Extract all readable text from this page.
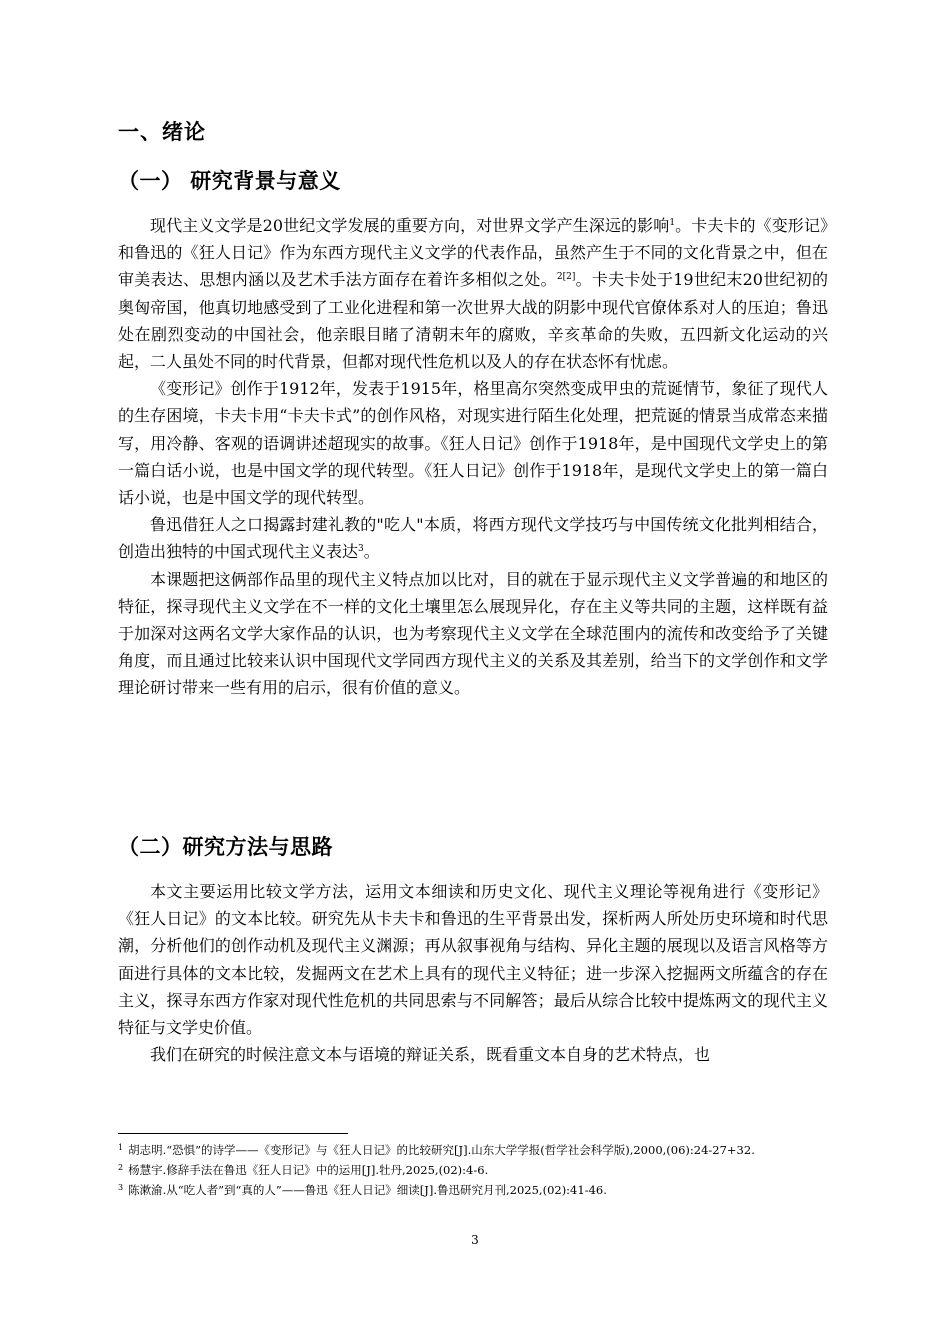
一、绪论
（一） 研究背景与意义

现代主义文学是20世纪文学发展的重要方向，对世界文学产生深远的影响$^1$。卡夫卡的《变形记》和鲁迅的《狂人日记》作为东西方现代主义文学的代表作品，虽然产生于不同的文化背景之中，但在审美表达、思想内涵以及艺术手法方面存在着许多相似之处。$^{2[2]}$。卡夫卡处于19世纪末20世纪初的奥匈帝国，他真切地感受到了工业化进程和第一次世界大战的阴影中现代官僚体系对人的压迫；鲁迅处在剧烈变动的中国社会，他亲眼目睹了清朝末年的腐败，辛亥革命的失败，五四新文化运动的兴起，二人虽处不同的时代背景，但都对现代性危机以及人的存在状态怀有忧虑。

《变形记》创作于1912年，发表于1915年，格里高尔突然变成甲虫的荒诞情节，象征了现代人的生存困境，卡夫卡用“卡夫卡式”的创作风格，对现实进行陌生化处理，把荒诞的情景当成常态来描写，用冷静、客观的语调讲述超现实的故事。《狂人日记》创作于1918年，是中国现代文学史上的第一篇白话小说，也是中国文学的现代转型。《狂人日记》创作于1918年，是现代文学史上的第一篇白话小说，也是中国文学的现代转型。

鲁迅借狂人之口揭露封建礼教的"吃人"本质，将西方现代文学技巧与中国传统文化批判相结合，创造出独特的中国式现代主义表达$^3$。

本课题把这俩部作品里的现代主义特点加以比对，目的就在于显示现代主义文学普遍的和地区的特征，探寻现代主义文学在不一样的文化土壤里怎么展现异化，存在主义等共同的主题，这样既有益于加深对这两名文学大家作品的认识，也为考察现代主义文学在全球范围内的流传和改变给予了关键角度，而且通过比较来认识中国现代文学同西方现代主义的关系及其差别，给当下的文学创作和文学理论研讨带来一些有用的启示，很有价值的意义。

（二）研究方法与思路

本文主要运用比较文学方法，运用文本细读和历史文化、现代主义理论等视角进行《变形记》《狂人日记》的文本比较。研究先从卡夫卡和鲁迅的生平背景出发，探析两人所处历史环境和时代思潮，分析他们的创作动机及现代主义渊源；再从叙事视角与结构、异化主题的展现以及语言风格等方面进行具体的文本比较，发掘两文在艺术上具有的现代主义特征；进一步深入挖掘两文所蕴含的存在主义，探寻东西方作家对现代性危机的共同思索与不同解答；最后从综合比较中提炼两文的现代主义特征与文学史价值。

我们在研究的时候注意文本与语境的辩证关系，既看重文本自身的艺术特点，也

$^1$ 胡志明.“恐惧”的诗学——《变形记》与《狂人日记》的比较研究[J].山东大学学报(哲学社会科学版),2000,(06):24-27+32.
$^2$ 杨慧宇.修辞手法在鲁迅《狂人日记》中的运用[J].牡丹,2025,(02):4-6.
$^3$ 陈漱渝.从“吃人者”到“真的人”——鲁迅《狂人日记》细读[J].鲁迅研究月刊,2025,(02):41-46.
3
